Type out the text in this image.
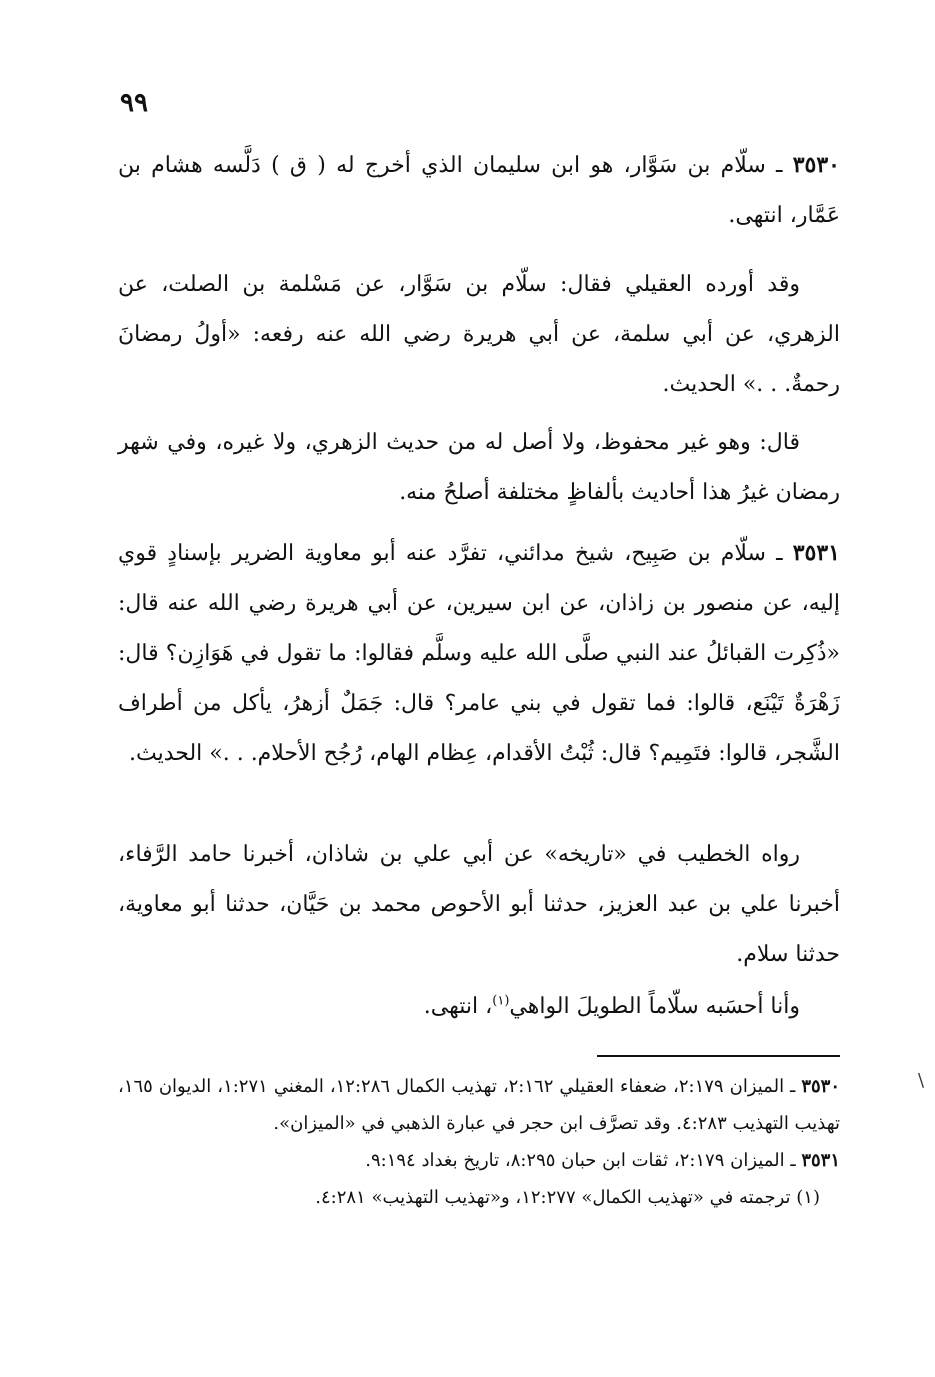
٩٩

٣٥٣٠ ـ سلّام بن سَوَّار، هو ابن سليمان الذي أخرج له ( ق ) دَلَّسه هشام بن عَمَّار، انتهى.

وقد أورده العقيلي فقال: سلّام بن سَوَّار، عن مَسْلمة بن الصلت، عن الزهري، عن أبي سلمة، عن أبي هريرة رضي الله عنه رفعه: «أولُ رمضانَ رحمةٌ. . .» الحديث.

قال: وهو غير محفوظ، ولا أصل له من حديث الزهري، ولا غيره، وفي شهر رمضان غيرُ هذا أحاديث بألفاظٍ مختلفة أصلحُ منه.

٣٥٣١ ـ سلّام بن صَبِيح، شيخ مدائني، تفرَّد عنه أبو معاوية الضرير بإسنادٍ قوي إليه، عن منصور بن زاذان، عن ابن سيرين، عن أبي هريرة رضي الله عنه قال: «ذُكِرت القبائلُ عند النبي صلَّى الله عليه وسلَّم فقالوا: ما تقول في هَوَازِن؟ قال: زَهْرَةٌ تَيْنَع، قالوا: فما تقول في بني عامر؟ قال: جَمَلٌ أزهرُ، يأكل من أطراف الشَّجر، قالوا: فتَمِيم؟ قال: ثُبْتُ الأقدام، عِظام الهام، رُجُح الأحلام. . .» الحديث.

رواه الخطيب في «تاريخه» عن أبي علي بن شاذان، أخبرنا حامد الرَّفاء، أخبرنا علي بن عبد العزيز، حدثنا أبو الأحوص محمد بن حَيَّان، حدثنا أبو معاوية، حدثنا سلام.

وأنا أحسَبه سلّاماً الطويلَ الواهي$^{(١)}$، انتهى.

\

٣٥٣٠ ـ الميزان ٢:١٧٩، ضعفاء العقيلي ٢:١٦٢، تهذيب الكمال ١٢:٢٨٦، المغني ١:٢٧١، الديوان ١٦٥، تهذيب التهذيب ٤:٢٨٣. وقد تصرَّف ابن حجر في عبارة الذهبي في «الميزان».

٣٥٣١ ـ الميزان ٢:١٧٩، ثقات ابن حبان ٨:٢٩٥، تاريخ بغداد ٩:١٩٤.

(١) ترجمته في «تهذيب الكمال» ١٢:٢٧٧، و«تهذيب التهذيب» ٤:٢٨١.
